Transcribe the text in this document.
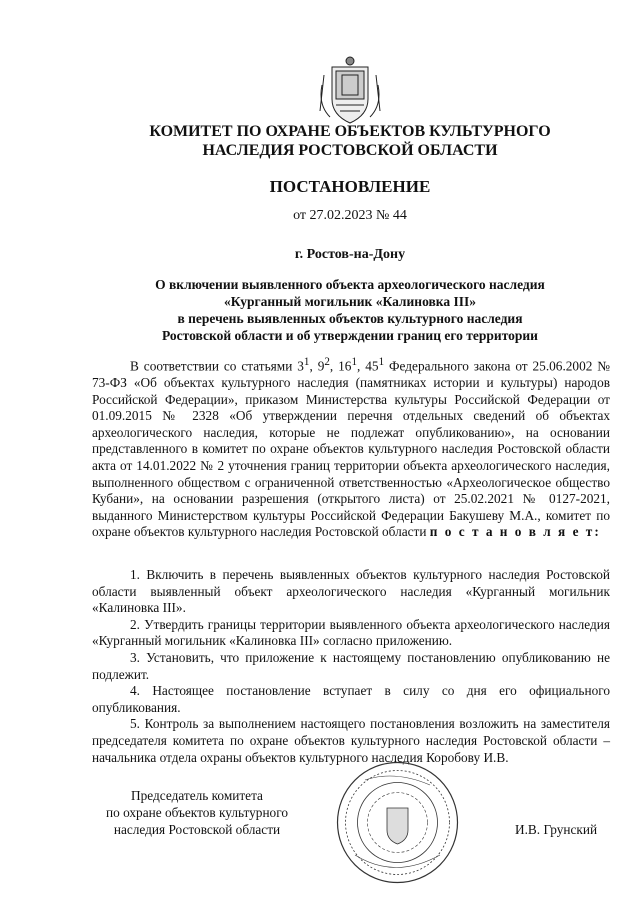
КОМИТЕТ ПО ОХРАНЕ ОБЪЕКТОВ КУЛЬТУРНОГО
НАСЛЕДИЯ РОСТОВСКОЙ ОБЛАСТИ
ПОСТАНОВЛЕНИЕ
от 27.02.2023 № 44
г. Ростов-на-Дону
О включении выявленного объекта археологического наследия
«Курганный могильник «Калиновка III»
в перечень выявленных объектов культурного наследия
Ростовской области и об утверждении границ его территории
В соответствии со статьями $3^1$, $9^2$, $16^1$, $45^1$ Федерального закона от 25.06.2002 № 73-ФЗ «Об объектах культурного наследия (памятниках истории и культуры) народов Российской Федерации», приказом Министерства культуры Российской Федерации от 01.09.2015 № 2328 «Об утверждении перечня отдельных сведений об объектах археологического наследия, которые не подлежат опубликованию», на основании представленного в комитет по охране объектов культурного наследия Ростовской области акта от 14.01.2022 № 2 уточнения границ территории объекта археологического наследия, выполненного обществом с ограниченной ответственностью «Археологическое общество Кубани», на основании разрешения (открытого листа) от 25.02.2021 № 0127-2021, выданного Министерством культуры Российской Федерации Бакушеву М.А., комитет по охране объектов культурного наследия Ростовской области п о с т а н о в л я е т:

1. Включить в перечень выявленных объектов культурного наследия Ростовской области выявленный объект археологического наследия «Курганный могильник «Калиновка III».

2. Утвердить границы территории выявленного объекта археологического наследия «Курганный могильник «Калиновка III» согласно приложению.

3. Установить, что приложение к настоящему постановлению опубликованию не подлежит.

4. Настоящее постановление вступает в силу со дня его официального опубликования.

5. Контроль за выполнением настоящего постановления возложить на заместителя председателя комитета по охране объектов культурного наследия Ростовской области – начальника отдела охраны объектов культурного наследия Коробову И.В.

Председатель комитета
по охране объектов культурного
наследия Ростовской области	И.В. Грунский
